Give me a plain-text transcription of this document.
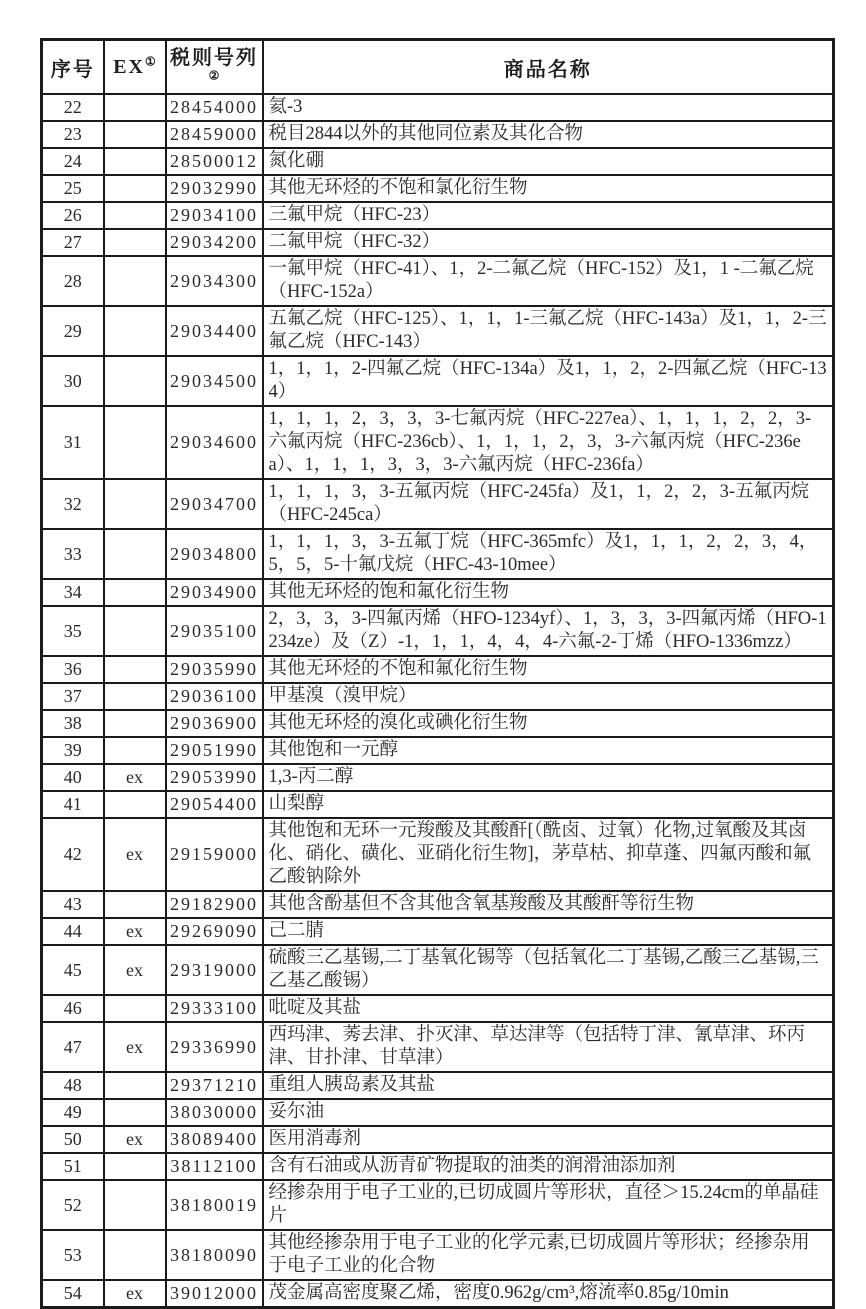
序号	EX①	税则号列②	商品名称
22		28454000	氦-3
23		28459000	税目2844以外的其他同位素及其化合物
24		28500012	氮化硼
25		29032990	其他无环烃的不饱和氯化衍生物
26		29034100	三氟甲烷（HFC-23）
27		29034200	二氟甲烷（HFC-32）
28		29034300	一氟甲烷（HFC-41）、1，2-二氟乙烷（HFC-152）及1，1 -二氟乙烷（HFC-152a）
29		29034400	五氟乙烷（HFC-125）、1，1，1-三氟乙烷（HFC-143a）及1，1，2-三氟乙烷（HFC-143）
30		29034500	1，1，1，2-四氟乙烷（HFC-134a）及1，1，2，2-四氟乙烷（HFC-134）
31		29034600	1，1，1，2，3，3，3-七氟丙烷（HFC-227ea）、1，1，1，2，2，3-六氟丙烷（HFC-236cb）、1，1，1，2，3，3-六氟丙烷（HFC-236ea）、1，1，1，3，3，3-六氟丙烷（HFC-236fa）
32		29034700	1，1，1，3，3-五氟丙烷（HFC-245fa）及1，1，2，2，3-五氟丙烷（HFC-245ca）
33		29034800	1，1，1，3，3-五氟丁烷（HFC-365mfc）及1，1，1，2，2，3，4，5，5，5-十氟戊烷（HFC-43-10mee）
34		29034900	其他无环烃的饱和氟化衍生物
35		29035100	2，3，3，3-四氟丙烯（HFO-1234yf）、1，3，3，3-四氟丙烯（HFO-1234ze）及（Z）-1，1，1，4，4，4-六氟-2-丁烯（HFO-1336mzz）
36		29035990	其他无环烃的不饱和氟化衍生物
37		29036100	甲基溴（溴甲烷）
38		29036900	其他无环烃的溴化或碘化衍生物
39		29051990	其他饱和一元醇
40	ex	29053990	1,3-丙二醇
41		29054400	山梨醇
42	ex	29159000	其他饱和无环一元羧酸及其酸酐[（酰卤、过氧）化物,过氧酸及其卤化、硝化、磺化、亚硝化衍生物]，茅草枯、抑草蓬、四氟丙酸和氟乙酸钠除外
43		29182900	其他含酚基但不含其他含氧基羧酸及其酸酐等衍生物
44	ex	29269090	己二腈
45	ex	29319000	硫酸三乙基锡,二丁基氧化锡等（包括氧化二丁基锡,乙酸三乙基锡,三乙基乙酸锡）
46		29333100	吡啶及其盐
47	ex	29336990	西玛津、莠去津、扑灭津、草达津等（包括特丁津、氰草津、环丙津、甘扑津、甘草津）
48		29371210	重组人胰岛素及其盐
49		38030000	妥尔油
50	ex	38089400	医用消毒剂
51		38112100	含有石油或从沥青矿物提取的油类的润滑油添加剂
52		38180019	经掺杂用于电子工业的,已切成圆片等形状，直径＞15.24cm的单晶硅片
53		38180090	其他经掺杂用于电子工业的化学元素,已切成圆片等形状；经掺杂用于电子工业的化合物
54	ex	39012000	茂金属高密度聚乙烯，密度0.962g/cm³,熔流率0.85g/10min
